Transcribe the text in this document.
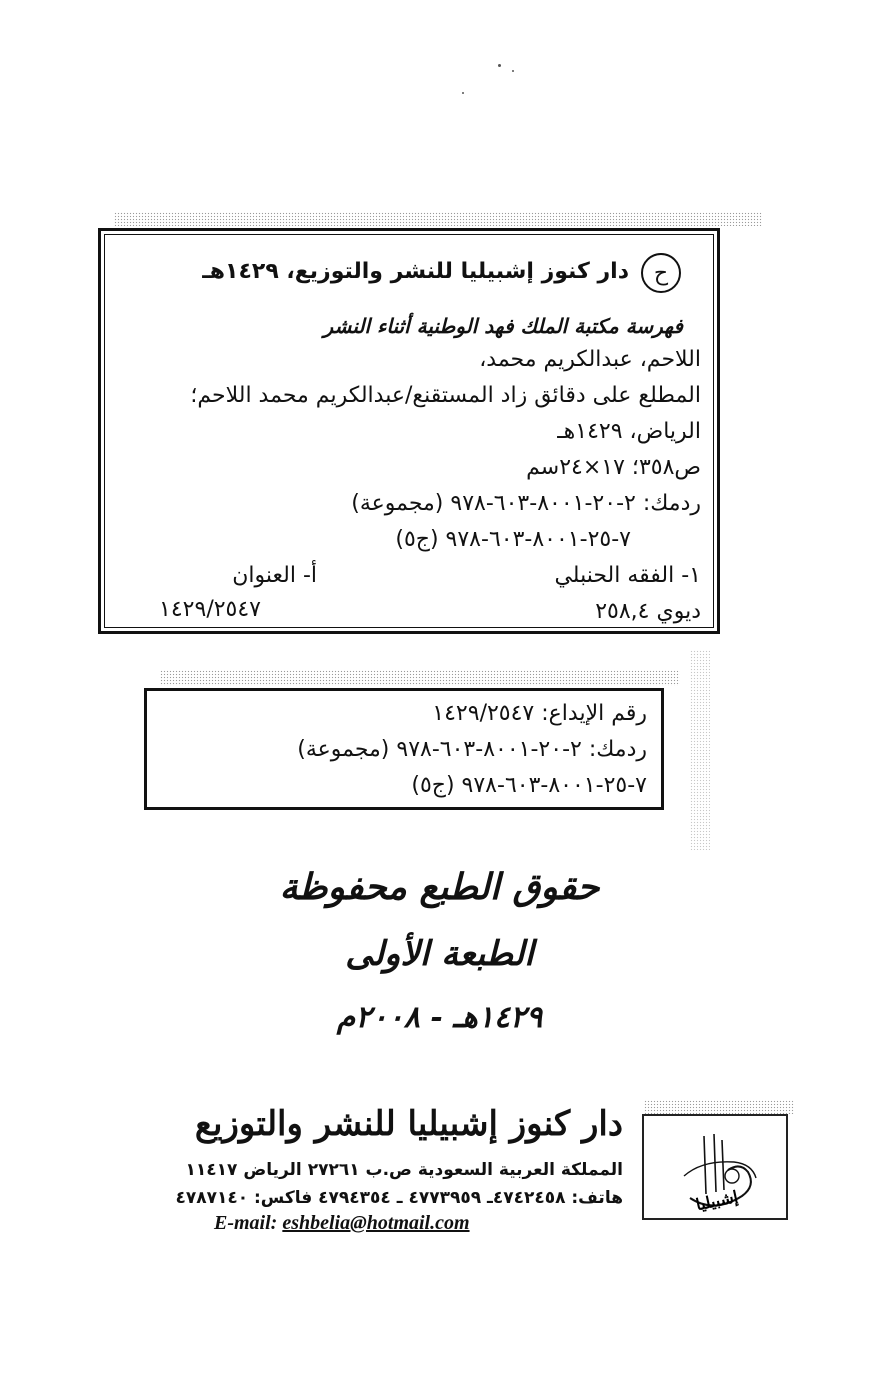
ح
دار كنوز إشبيليا للنشر والتوزيع، ١٤٢٩هـ
فهرسة مكتبة الملك فهد الوطنية أثناء النشر
اللاحم، عبدالكريم محمد،
المطلع على دقائق زاد المستقنع/عبدالكريم محمد اللاحم؛
الرياض، ١٤٢٩هـ
ص٣٥٨؛ ١٧×٢٤سم
ردمك: ٢-٢٠-٨٠٠١-٦٠٣-٩٧٨ (مجموعة)
٧-٢٥-٨٠٠١-٦٠٣-٩٧٨ (ج٥)
١- الفقه الحنبلي
أ- العنوان
ديوي ٢٥٨,٤
١٤٢٩/٢٥٤٧
رقم الإيداع: ١٤٢٩/٢٥٤٧
ردمك: ٢-٢٠-٨٠٠١-٦٠٣-٩٧٨ (مجموعة)
٧-٢٥-٨٠٠١-٦٠٣-٩٧٨ (ج٥)
حقوق الطبع محفوظة
الطبعة الأولى
١٤٢٩هـ - ٢٠٠٨م
دار كنوز إشبيليا للنشر والتوزيع
المملكة العربية السعودية ص.ب ٢٧٢٦١ الرياض ١١٤١٧
هاتف: ٤٧٤٢٤٥٨ـ ٤٧٧٣٩٥٩ ـ ٤٧٩٤٣٥٤ فاكس: ٤٧٨٧١٤٠
E-mail: eshbelia@hotmail.com
إشبيليا
